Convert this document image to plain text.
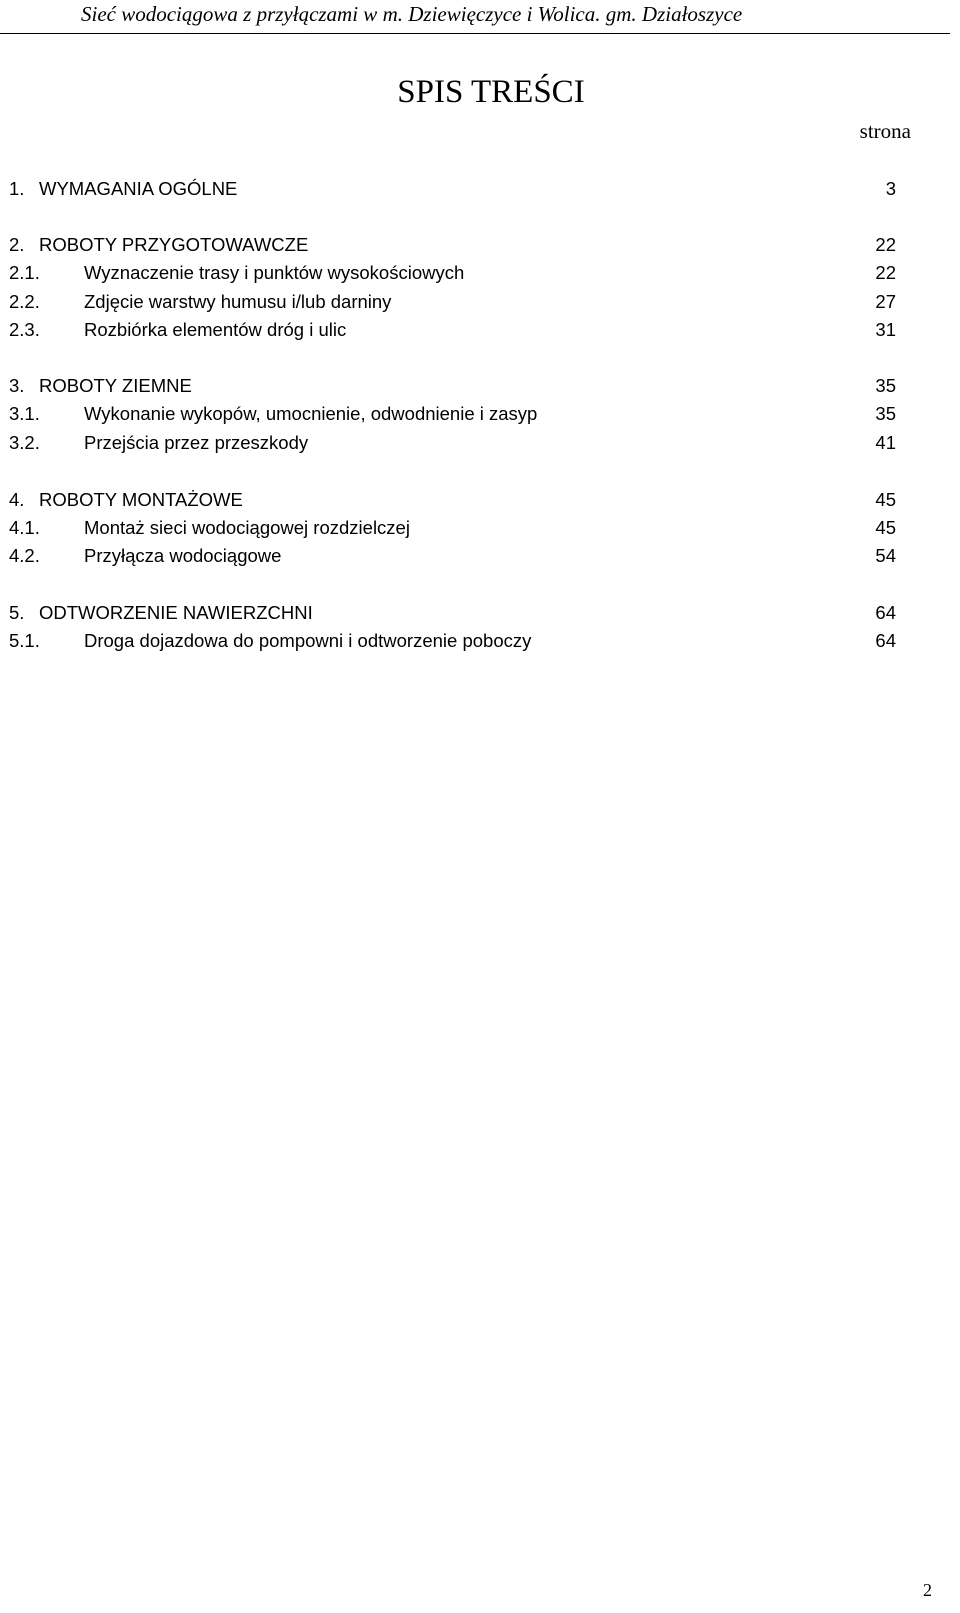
Sieć wodociągowa z przyłączami w m. Dziewięczyce i Wolica. gm. Działoszyce
SPIS TREŚCI
strona
1. WYMAGANIA OGÓLNE	3
2. ROBOTY PRZYGOTOWAWCZE	22
2.1. Wyznaczenie trasy i punktów wysokościowych	22
2.2. Zdjęcie warstwy humusu i/lub darniny	27
2.3. Rozbiórka elementów dróg i ulic	31
3. ROBOTY ZIEMNE	35
3.1. Wykonanie wykopów, umocnienie, odwodnienie i zasyp	35
3.2. Przejścia przez przeszkody	41
4. ROBOTY MONTAŻOWE	45
4.1. Montaż sieci wodociągowej rozdzielczej	45
4.2. Przyłącza wodociągowe	54
5. ODTWORZENIE NAWIERZCHNI	64
5.1. Droga dojazdowa do pompowni i odtworzenie poboczy	64
2
